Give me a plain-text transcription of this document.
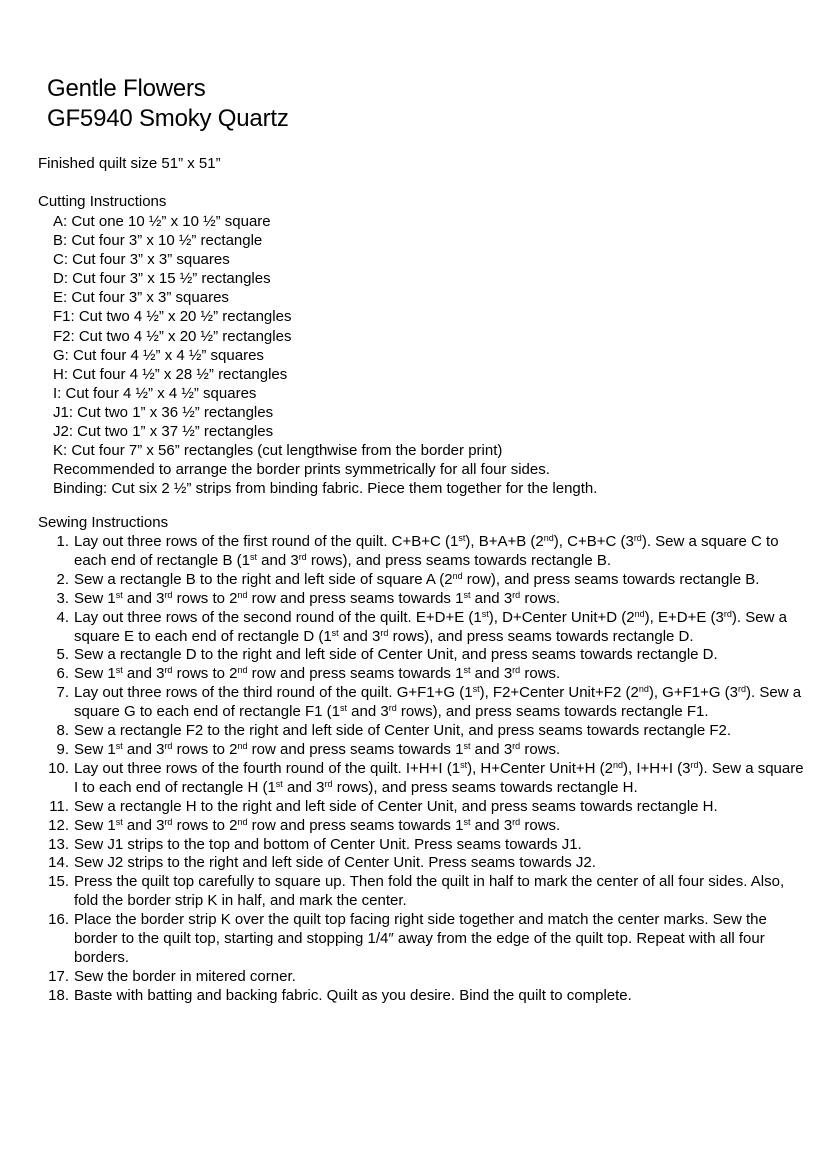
Gentle Flowers
GF5940 Smoky Quartz
Finished quilt size 51” x 51”
Cutting Instructions
A: Cut one 10 ½” x 10 ½” square
B: Cut four 3” x 10 ½” rectangle
C: Cut four 3” x 3” squares
D: Cut four 3” x 15 ½” rectangles
E: Cut four 3” x 3” squares
F1: Cut two 4 ½” x 20 ½” rectangles
F2: Cut two 4 ½” x 20 ½” rectangles
G: Cut four 4 ½” x 4 ½” squares
H: Cut four 4 ½” x 28 ½” rectangles
I: Cut four 4 ½” x 4 ½” squares
J1: Cut two 1” x 36 ½” rectangles
J2: Cut two 1” x 37 ½” rectangles
K: Cut four 7” x 56” rectangles (cut lengthwise from the border print)
Recommended to arrange the border prints symmetrically for all four sides.
Binding: Cut six 2 ½” strips from binding fabric. Piece them together for the length.
Sewing Instructions
1. Lay out three rows of the first round of the quilt. C+B+C (1st), B+A+B (2nd), C+B+C (3rd). Sew a square C to each end of rectangle B (1st and 3rd rows), and press seams towards rectangle B.
2. Sew a rectangle B to the right and left side of square A (2nd row), and press seams towards rectangle B.
3. Sew 1st and 3rd rows to 2nd row and press seams towards 1st and 3rd rows.
4. Lay out three rows of the second round of the quilt. E+D+E (1st), D+Center Unit+D (2nd), E+D+E (3rd). Sew a square E to each end of rectangle D (1st and 3rd rows), and press seams towards rectangle D.
5. Sew a rectangle D to the right and left side of Center Unit, and press seams towards rectangle D.
6. Sew 1st and 3rd rows to 2nd row and press seams towards 1st and 3rd rows.
7. Lay out three rows of the third round of the quilt. G+F1+G (1st), F2+Center Unit+F2 (2nd), G+F1+G (3rd). Sew a square G to each end of rectangle F1 (1st and 3rd rows), and press seams towards rectangle F1.
8. Sew a rectangle F2 to the right and left side of Center Unit, and press seams towards rectangle F2.
9. Sew 1st and 3rd rows to 2nd row and press seams towards 1st and 3rd rows.
10. Lay out three rows of the fourth round of the quilt. I+H+I (1st), H+Center Unit+H (2nd), I+H+I (3rd). Sew a square I to each end of rectangle H (1st and 3rd rows), and press seams towards rectangle H.
11. Sew a rectangle H to the right and left side of Center Unit, and press seams towards rectangle H.
12. Sew 1st and 3rd rows to 2nd row and press seams towards 1st and 3rd rows.
13. Sew J1 strips to the top and bottom of Center Unit. Press seams towards J1.
14. Sew J2 strips to the right and left side of Center Unit. Press seams towards J2.
15. Press the quilt top carefully to square up. Then fold the quilt in half to mark the center of all four sides. Also, fold the border strip K in half, and mark the center.
16. Place the border strip K over the quilt top facing right side together and match the center marks. Sew the border to the quilt top, starting and stopping 1/4″ away from the edge of the quilt top. Repeat with all four borders.
17. Sew the border in mitered corner.
18. Baste with batting and backing fabric. Quilt as you desire. Bind the quilt to complete.
